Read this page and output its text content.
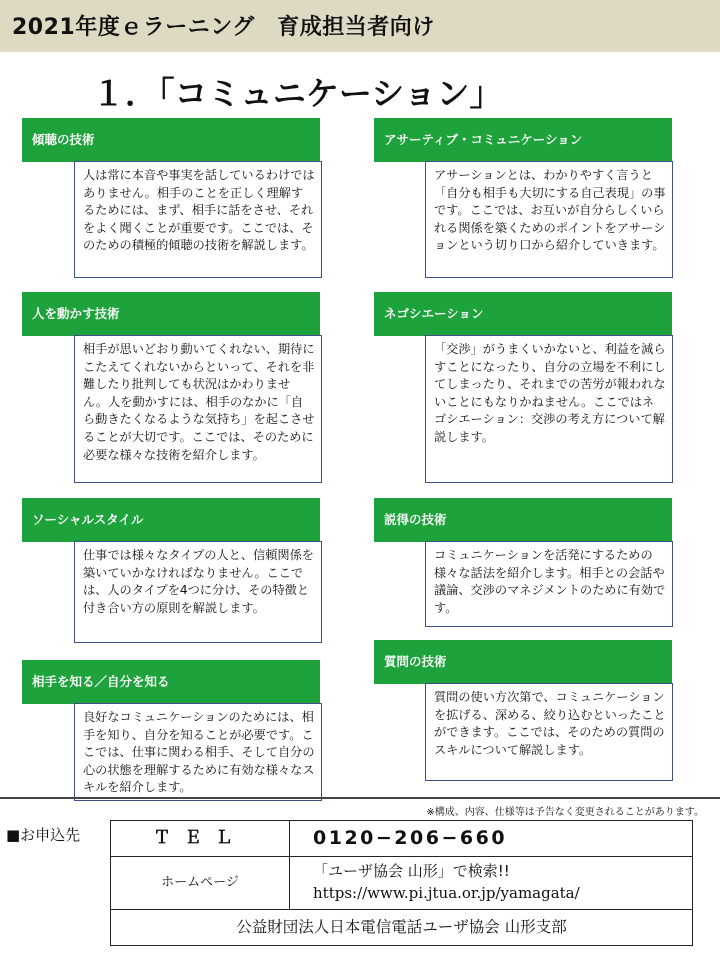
2021年度ｅラーニング　育成担当者向け
１．「コミュニケーション」
傾聴の技術
人は常に本音や事実を話しているわけではありません。相手のことを正しく理解するためには、まず、相手に話をさせ、それをよく聞くことが重要です。ここでは、そのための積極的傾聴の技術を解説します。
人を動かす技術
相手が思いどおり動いてくれない、期待にこたえてくれないからといって、それを非難したり批判しても状況はかわりません。人を動かすには、相手のなかに「自ら動きたくなるような気持ち」を起こさせることが大切です。ここでは、そのために必要な様々な技術を紹介します。
ソーシャルスタイル
仕事では様々なタイプの人と、信頼関係を築いていかなければなりません。ここでは、人のタイプを4つに分け、その特徴と付き合い方の原則を解説します。
相手を知る／自分を知る
良好なコミュニケーションのためには、相手を知り、自分を知ることが必要です。ここでは、仕事に関わる相手、そして自分の心の状態を理解するために有効な様々なスキルを紹介します。
アサーティブ・コミュニケーション
アサーションとは、わかりやすく言うと「自分も相手も大切にする自己表現」の事です。ここでは、お互いが自分らしくいられる関係を築くためのポイントをアサーションという切り口から紹介していきます。
ネゴシエーション
「交渉」がうまくいかないと、利益を減らすことになったり、自分の立場を不利にしてしまったり、それまでの苦労が報われないことにもなりかねません。ここではネゴシエーション：交渉の考え方について解説します。
説得の技術
コミュニケーションを活発にするための様々な話法を紹介します。相手との会話や議論、交渉のマネジメントのために有効です。
質問の技術
質問の使い方次第で、コミュニケーションを拡げる、深める、絞り込むといったことができます。ここでは、そのための質問のスキルについて解説します。
※構成、内容、仕様等は予告なく変更されることがあります。
■お申込先	ＴＥＬ	0120−206−660
ホームページ
「ユーザ協会 山形」で検索!!
https://www.pi.jtua.or.jp/yamagata/
公益財団法人日本電信電話ユーザ協会 山形支部
